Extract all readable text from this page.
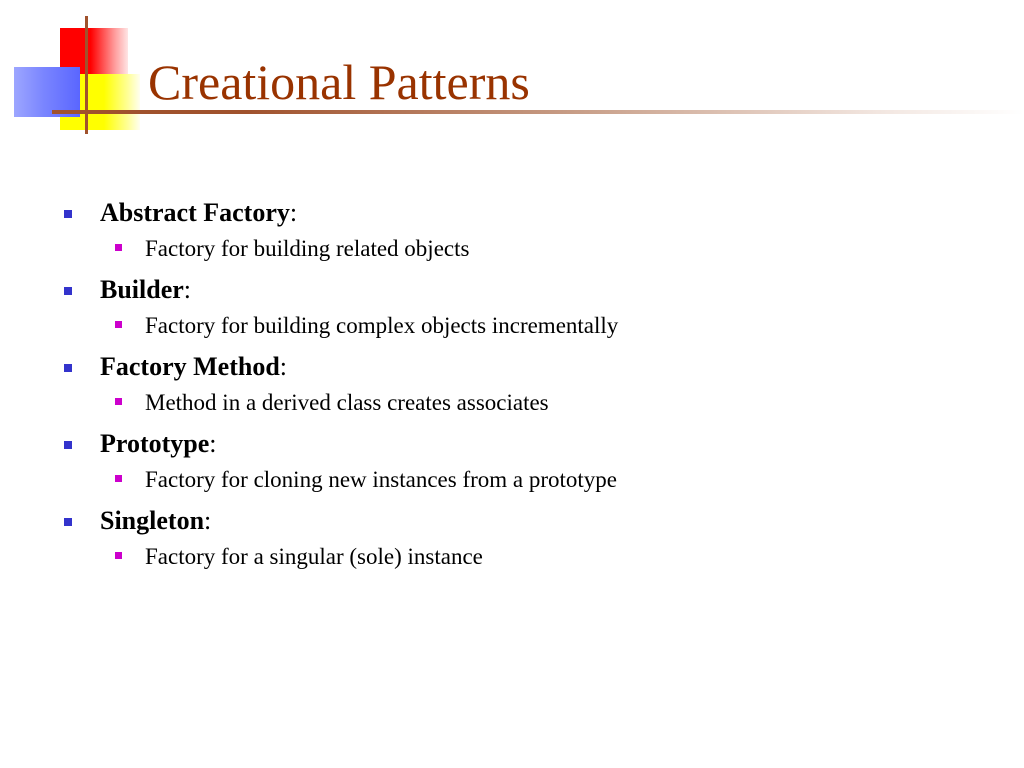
Creational Patterns
Abstract Factory:
Factory for building related objects
Builder:
Factory for building complex objects incrementally
Factory Method:
Method in a derived class creates associates
Prototype:
Factory for cloning new instances from a prototype
Singleton:
Factory for a singular (sole) instance
